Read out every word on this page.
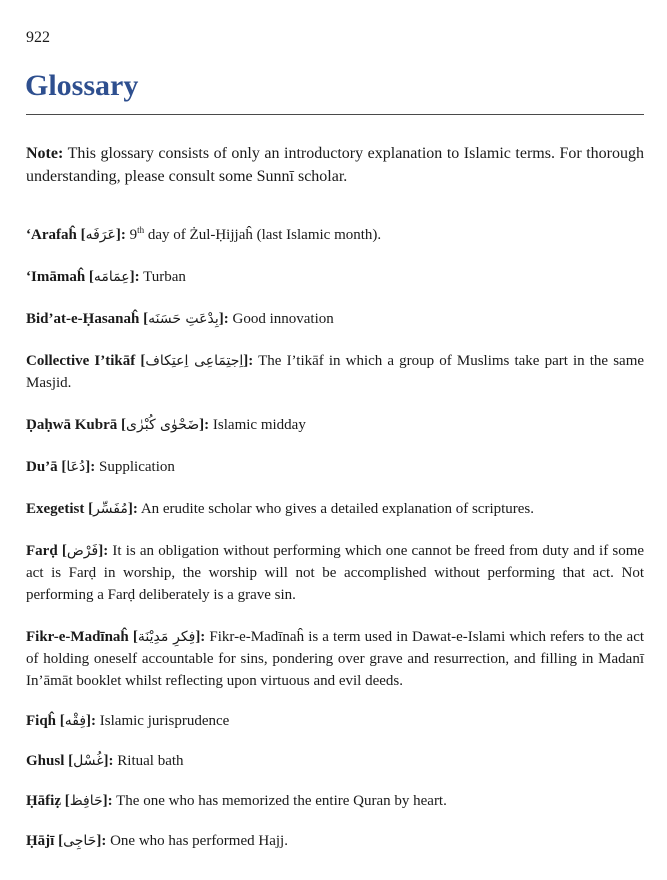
922
Glossary

Note: This glossary consists of only an introductory explanation to Islamic terms. For thorough understanding, please consult some Sunnī scholar.

‘Arafaĥ [عَرَفَه]: 9th day of Żul-Ḥijjaĥ (last Islamic month).

‘Imāmaĥ [عِمَامَه]: Turban

Bid’at-e-Ḥasanaĥ [بِدْعَتِ حَسَنَه]: Good innovation

Collective I’tikāf [اِجتِمَاعِی اِعتِکاف]: The I’tikāf in which a group of Muslims take part in the same Masjid.

Ḍaḥwā Kubrā [ضَحْوٰی کُبْرٰی]: Islamic midday

Du’ā [دُعَا]: Supplication

Exegetist [مُفَسِّر]: An erudite scholar who gives a detailed explanation of scriptures.

Farḍ [فَرْض]: It is an obligation without performing which one cannot be freed from duty and if some act is Farḍ in worship, the worship will not be accomplished without performing that act. Not performing a Farḍ deliberately is a grave sin.

Fikr-e-Madīnaĥ [فِکرِ مَدِیْنَة]: Fikr-e-Madīnaĥ is a term used in Dawat-e-Islami which refers to the act of holding oneself accountable for sins, pondering over grave and resurrection, and filling in Madanī In’āmāt booklet whilst reflecting upon virtuous and evil deeds.

Fiqĥ [فِقْه]: Islamic jurisprudence

Ghusl [غُسْل]: Ritual bath

Ḥāfiẓ [حَافِظ]: The one who has memorized the entire Quran by heart.

Ḥājī [حَاجِی]: One who has performed Hajj.
